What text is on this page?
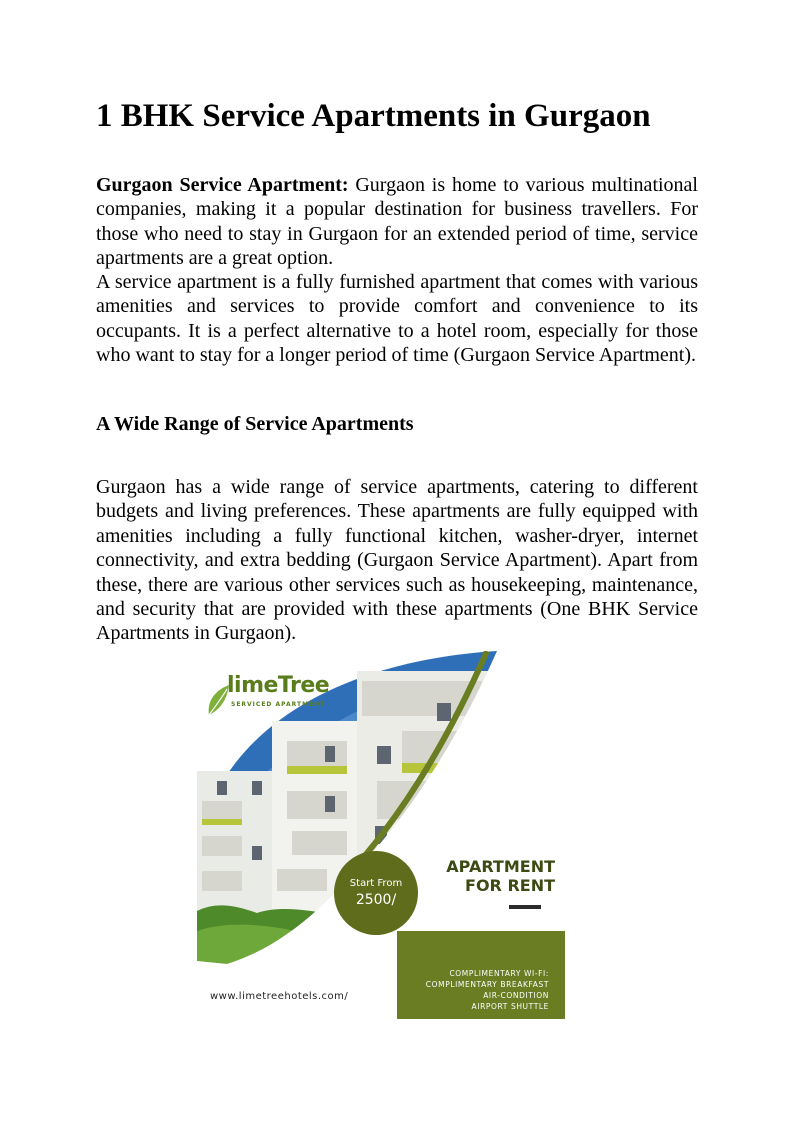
1 BHK Service Apartments in Gurgaon

Gurgaon Service Apartment: Gurgaon is home to various multinational companies, making it a popular destination for business travellers. For those who need to stay in Gurgaon for an extended period of time, service apartments are a great option.

A service apartment is a fully furnished apartment that comes with various amenities and services to provide comfort and convenience to its occupants. It is a perfect alternative to a hotel room, especially for those who want to stay for a longer period of time (Gurgaon Service Apartment).

A Wide Range of Service Apartments

Gurgaon has a wide range of service apartments, catering to different budgets and living preferences. These apartments are fully equipped with amenities including a fully functional kitchen, washer-dryer, internet connectivity, and extra bedding (Gurgaon Service Apartment). Apart from these, there are various other services such as housekeeping, maintenance, and security that are provided with these apartments (One BHK Service Apartments in Gurgaon).

limeTree
SERVICED APARTMENT
APARTMENT
FOR RENT
Start From
2500/
COMPLIMENTARY WI-FI:
COMPLIMENTARY BREAKFAST
AIR-CONDITION
AIRPORT SHUTTLE
www.limetreehotels.com/
